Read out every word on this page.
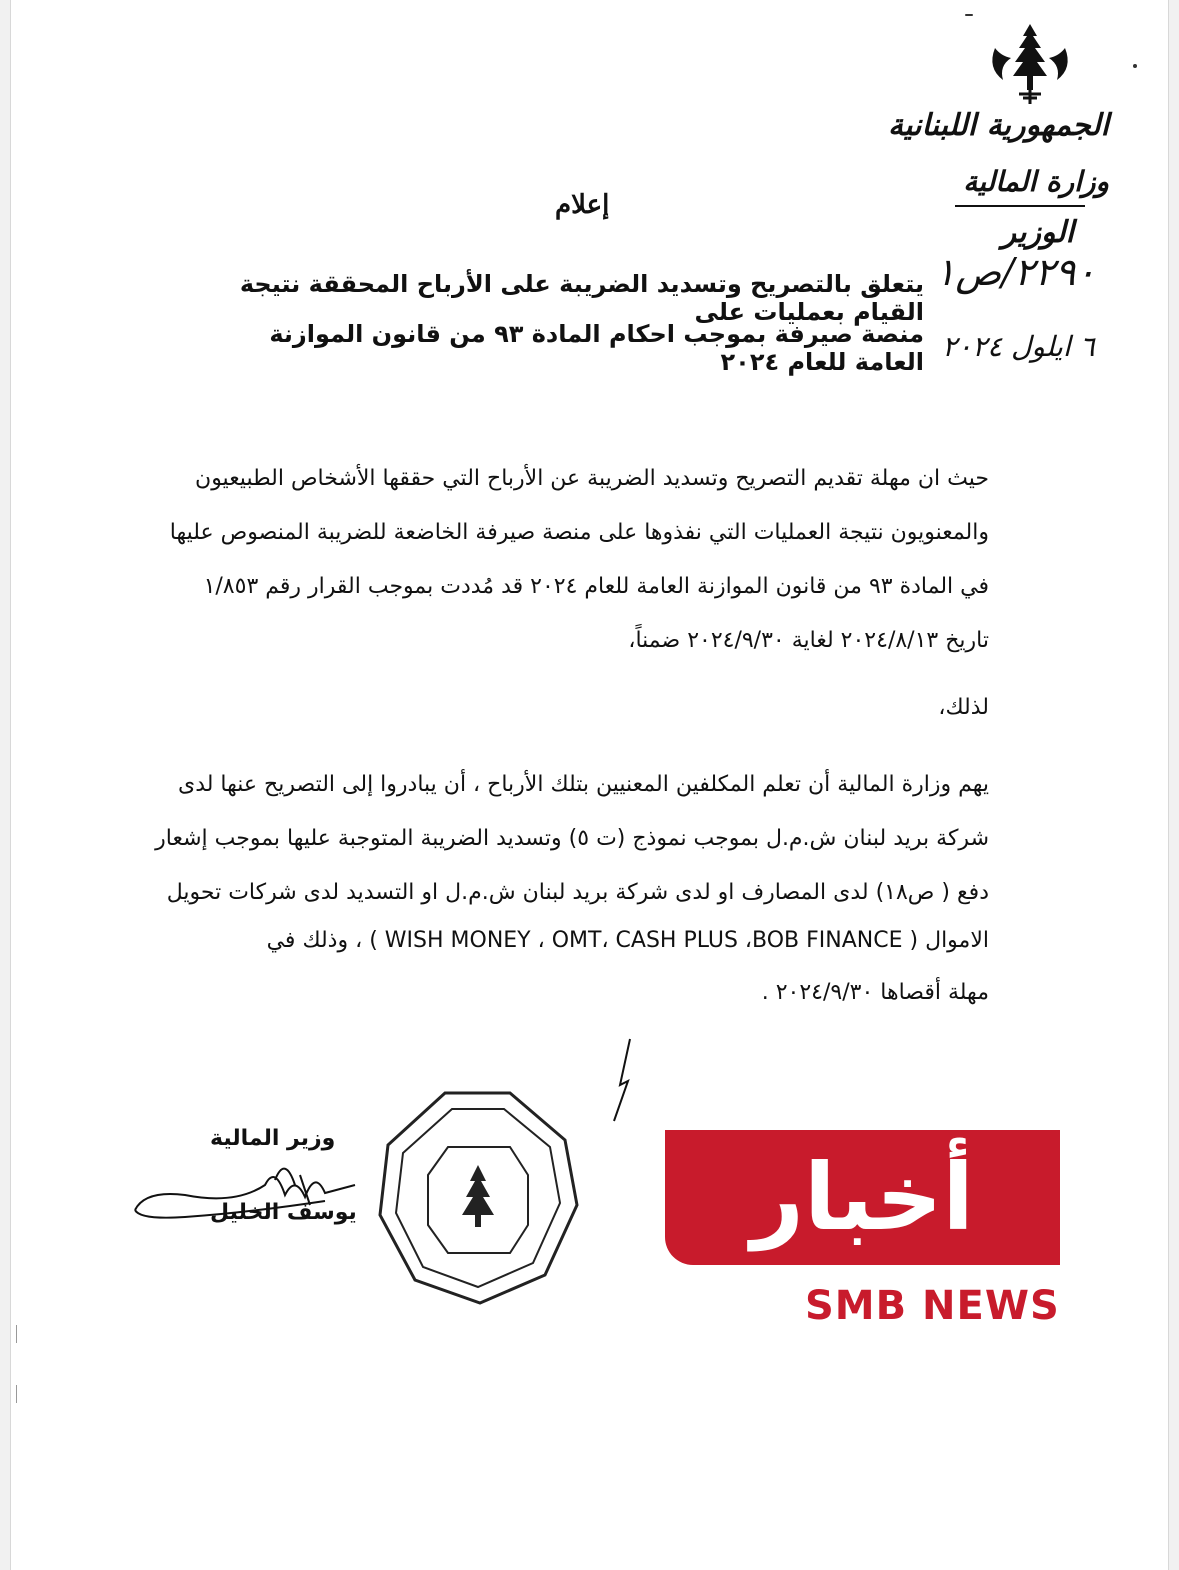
الجمهورية اللبنانية
وزارة المالية
الوزير
٢٢٩٠/ص١
٦ ايلول ٢٠٢٤
إعلام
يتعلق بالتصريح وتسديد الضريبة على الأرباح المحققة نتيجة القيام بعمليات على
منصة صيرفة بموجب احكام المادة ٩٣ من قانون الموازنة العامة للعام ٢٠٢٤
حيث ان مهلة تقديم التصريح وتسديد الضريبة عن الأرباح التي حققها الأشخاص الطبيعيون
والمعنويون نتيجة العمليات التي نفذوها على منصة صيرفة الخاضعة للضريبة المنصوص عليها
في المادة ٩٣ من قانون الموازنة العامة للعام ٢٠٢٤ قد مُددت بموجب القرار رقم ١/٨٥٣
تاريخ ٢٠٢٤/٨/١٣ لغاية ٢٠٢٤/٩/٣٠ ضمناً،
لذلك،
يهم وزارة المالية أن تعلم المكلفين المعنيين بتلك الأرباح ، أن يبادروا إلى التصريح عنها لدى
شركة بريد لبنان ش.م.ل بموجب نموذج (ت ٥) وتسديد الضريبة المتوجبة عليها بموجب إشعار
دفع ( ص١٨) لدى المصارف او لدى شركة بريد لبنان ش.م.ل او التسديد لدى شركات تحويل
الاموال ( WISH MONEY ، OMT، CASH PLUS ،BOB FINANCE ) ، وذلك في
مهلة أقصاها ٢٠٢٤/٩/٣٠ .
وزير المالية
يوسف الخليل	أخبار
SMB NEWS
